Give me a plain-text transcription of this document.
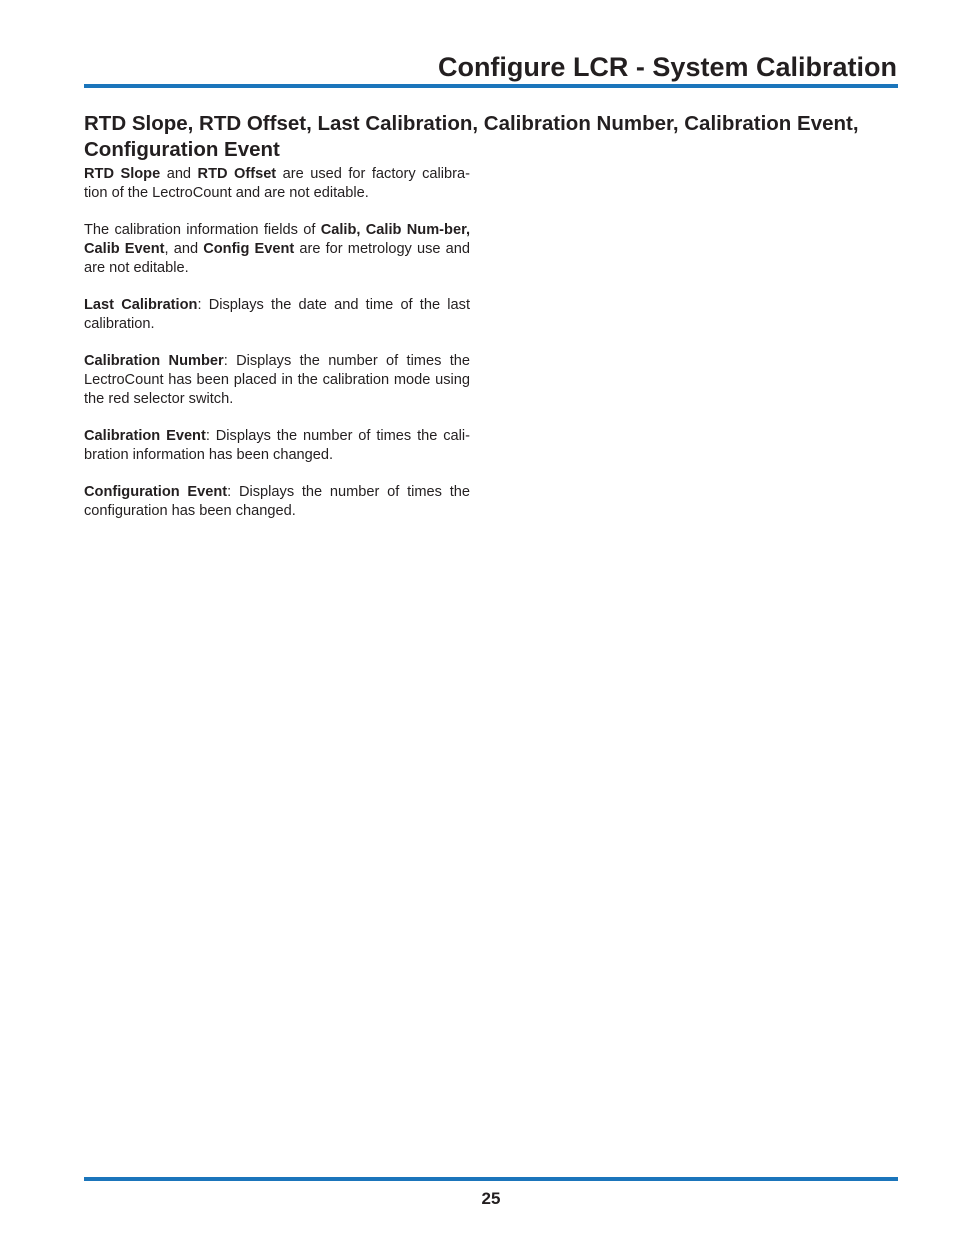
Configure LCR - System Calibration
RTD Slope, RTD Offset, Last Calibration, Calibration Number, Calibration Event, Configuration Event

RTD Slope and RTD Offset are used for factory calibra-tion of the LectroCount and are not editable.

The calibration information fields of Calib, Calib Num-ber, Calib Event, and Config Event are for metrology use and are not editable.

Last Calibration: Displays the date and time of the last calibration.

Calibration Number: Displays the number of times the LectroCount has been placed in the calibration mode using the red selector switch.

Calibration Event: Displays the number of times the cali-bration information has been changed.

Configuration Event: Displays the number of times the configuration has been changed.

25
